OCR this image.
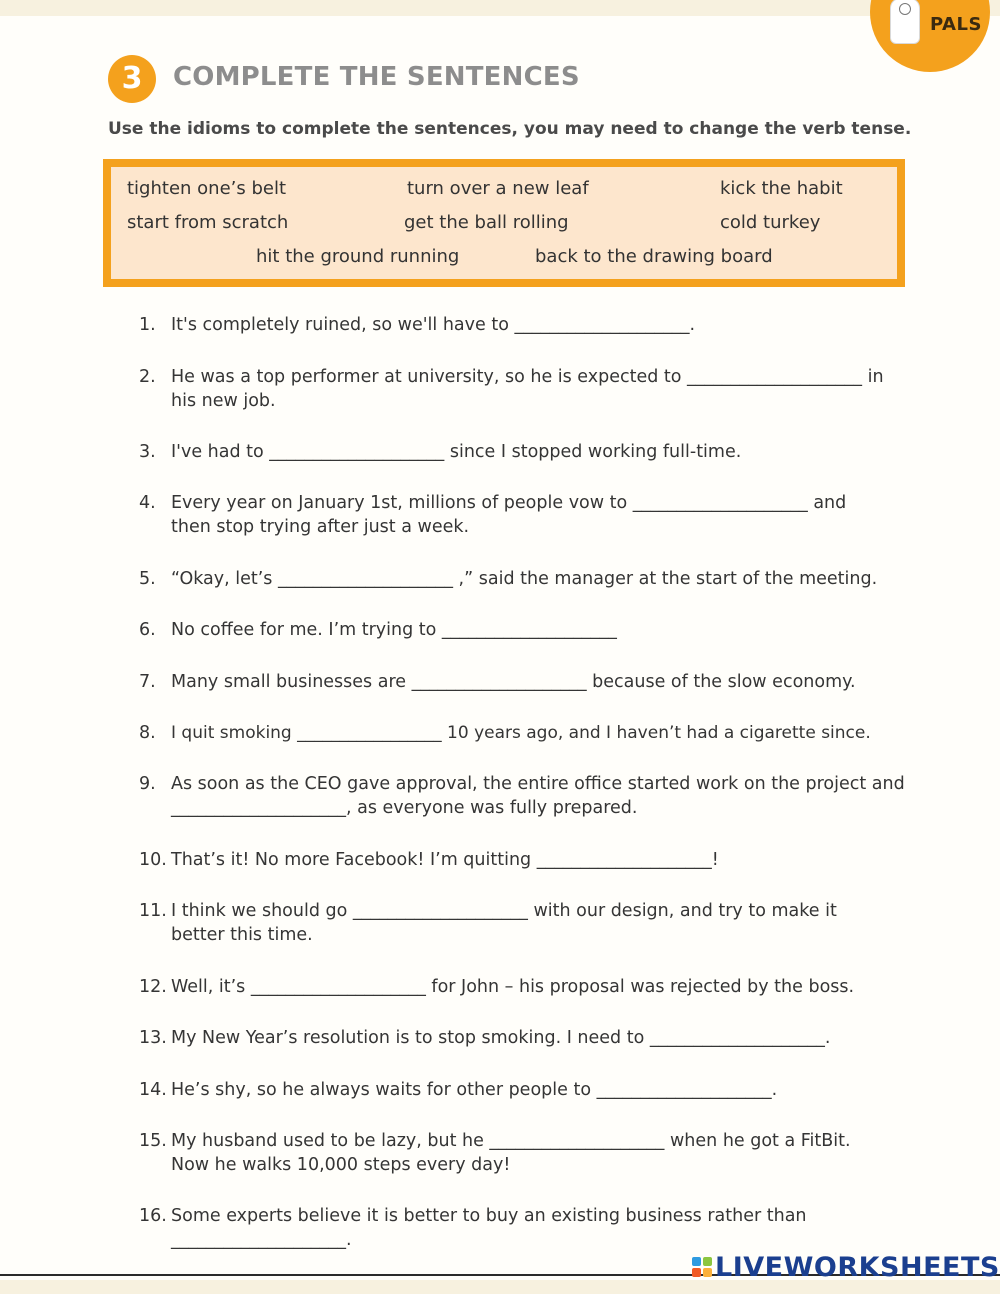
PALS
3	COMPLETE THE SENTENCES
Use the idioms to complete the sentences, you may need to change the verb tense.
tighten one’s belt	turn over a new leaf	kick the habit
start from scratch	get the ball rolling	cold turkey
hit the ground running	back to the drawing board
1. It's completely ruined, so we'll have to ____________________.
2. He was a top performer at university, so he is expected to ____________________ in
his new job.
3. I've had to ____________________ since I stopped working full-time.
4. Every year on January 1st, millions of people vow to ____________________ and
then stop trying after just a week.
5. “Okay, let’s ____________________ ,” said the manager at the start of the meeting.
6. No coffee for me. I’m trying to ____________________
7. Many small businesses are ____________________ because of the slow economy.
8. I quit smoking _________________ 10 years ago, and I haven’t had a cigarette since.
9. As soon as the CEO gave approval, the entire office started work on the project and
____________________, as everyone was fully prepared.
10. That’s it! No more Facebook! I’m quitting ____________________!
11. I think we should go ____________________ with our design, and try to make it
better this time.
12. Well, it’s ____________________ for John – his proposal was rejected by the boss.
13. My New Year’s resolution is to stop smoking. I need to ____________________.
14. He’s shy, so he always waits for other people to ____________________.
15. My husband used to be lazy, but he ____________________ when he got a FitBit.
Now he walks 10,000 steps every day!
16. Some experts believe it is better to buy an existing business rather than
____________________.
LIVEWORKSHEETS
